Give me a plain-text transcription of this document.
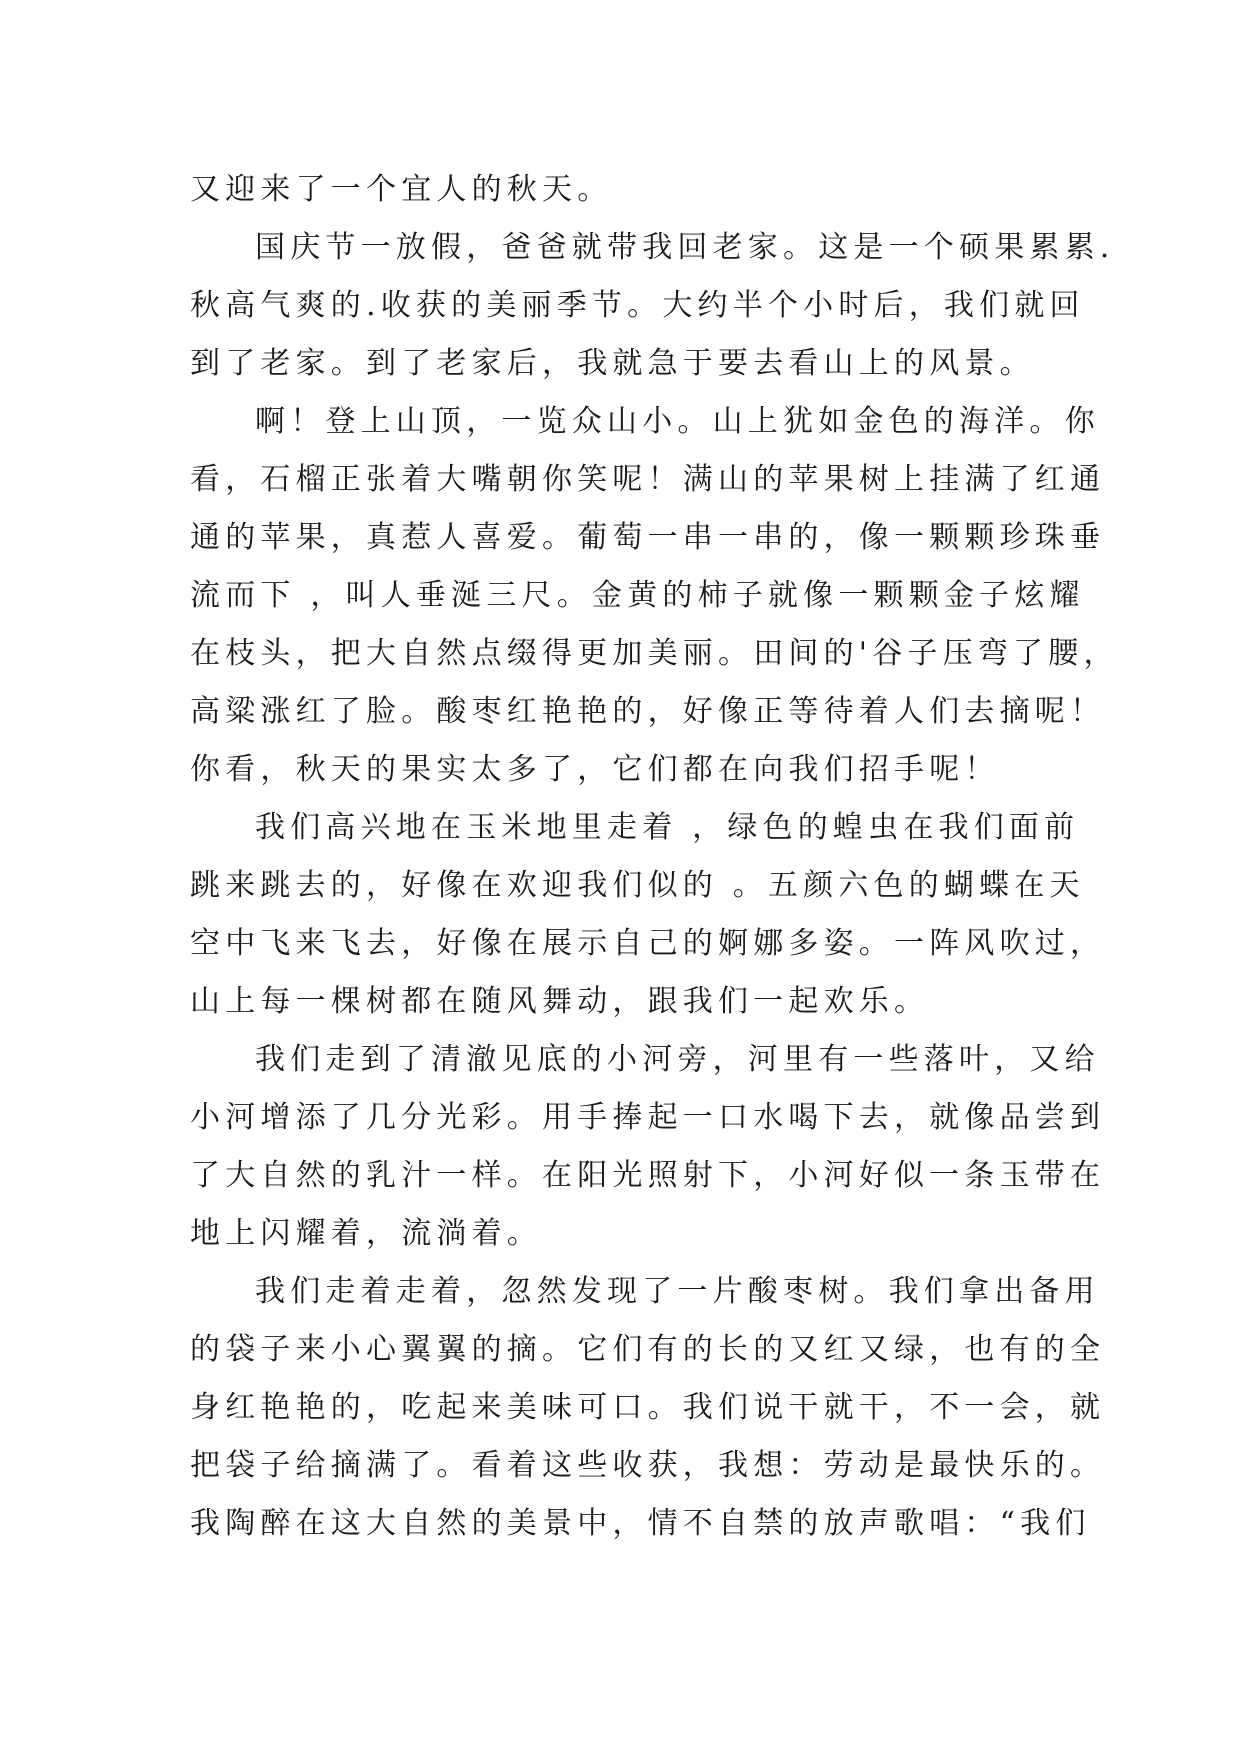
又迎来了一个宜人的秋天。
国庆节一放假，爸爸就带我回老家。这是一个硕果累累.
秋高气爽的.收获的美丽季节。大约半个小时后，我们就回
到了老家。到了老家后，我就急于要去看山上的风景。
啊！登上山顶，一览众山小。山上犹如金色的海洋。你
看，石榴正张着大嘴朝你笑呢！满山的苹果树上挂满了红通
通的苹果，真惹人喜爱。葡萄一串一串的，像一颗颗珍珠垂
流而下 ，叫人垂涎三尺。金黄的柿子就像一颗颗金子炫耀
在枝头，把大自然点缀得更加美丽。田间的'谷子压弯了腰，
高粱涨红了脸。酸枣红艳艳的，好像正等待着人们去摘呢！
你看，秋天的果实太多了，它们都在向我们招手呢！
我们高兴地在玉米地里走着 ，绿色的蝗虫在我们面前
跳来跳去的，好像在欢迎我们似的 。五颜六色的蝴蝶在天
空中飞来飞去，好像在展示自己的婀娜多姿。一阵风吹过，
山上每一棵树都在随风舞动，跟我们一起欢乐。
我们走到了清澈见底的小河旁，河里有一些落叶，又给
小河增添了几分光彩。用手捧起一口水喝下去，就像品尝到
了大自然的乳汁一样。在阳光照射下，小河好似一条玉带在
地上闪耀着，流淌着。
我们走着走着，忽然发现了一片酸枣树。我们拿出备用
的袋子来小心翼翼的摘。它们有的长的又红又绿，也有的全
身红艳艳的，吃起来美味可口。我们说干就干，不一会，就
把袋子给摘满了。看着这些收获，我想：劳动是最快乐的。
我陶醉在这大自然的美景中，情不自禁的放声歌唱：“我们
